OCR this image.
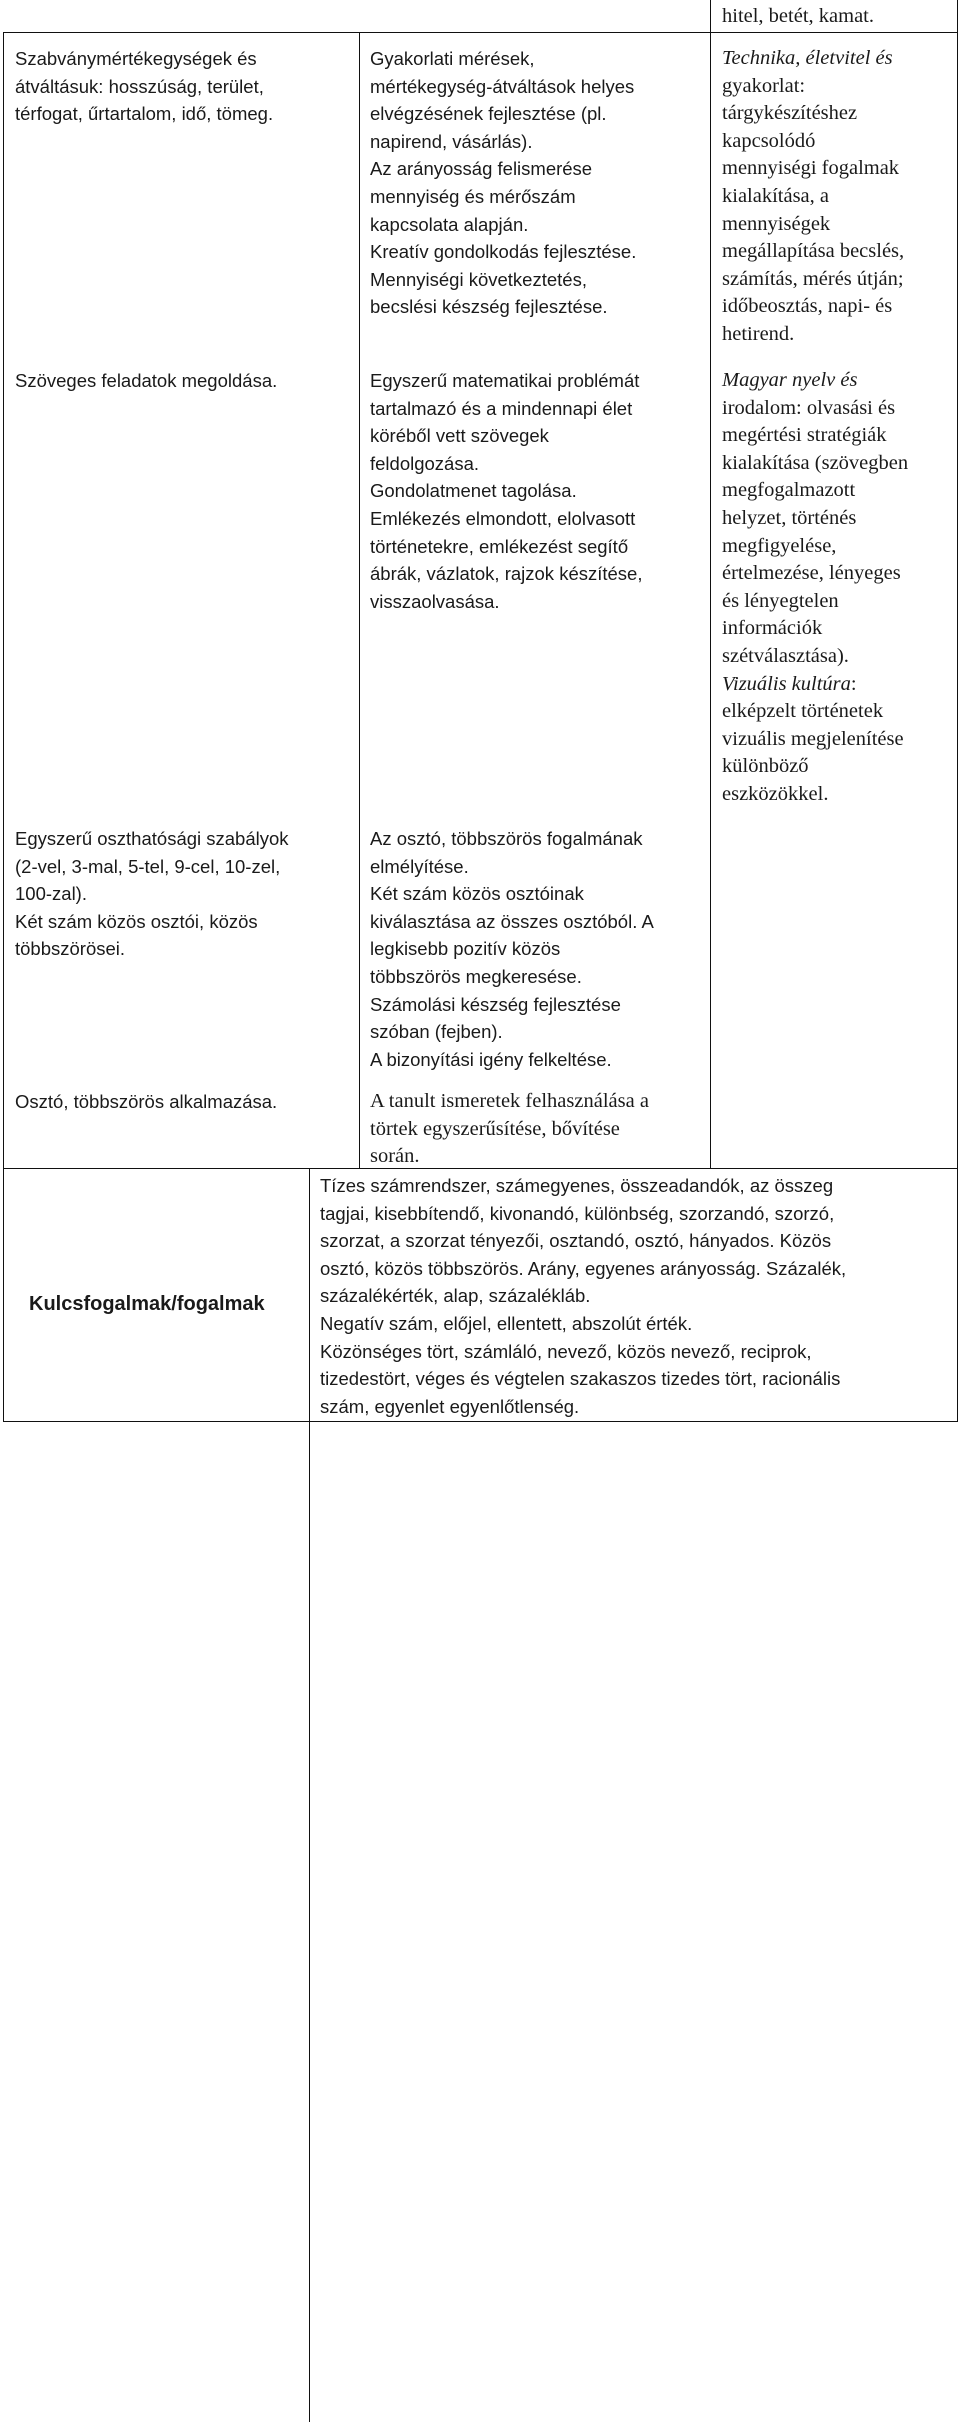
hitel, betét, kamat.

Szabványmértékegységek és
átváltásuk: hosszúság, terület,
térfogat, űrtartalom, idő, tömeg.

Gyakorlati mérések,
mértékegység-átváltások helyes
elvégzésének fejlesztése (pl.
napirend, vásárlás).
Az arányosság felismerése
mennyiség és mérőszám
kapcsolata alapján.
Kreatív gondolkodás fejlesztése.
Mennyiségi következtetés,
becslési készség fejlesztése.

Technika, életvitel és
gyakorlat:
tárgykészítéshez
kapcsolódó
mennyiségi fogalmak
kialakítása, a
mennyiségek
megállapítása becslés,
számítás, mérés útján;
időbeosztás, napi- és
hetirend.

Szöveges feladatok megoldása.	Egyszerű matematikai problémát
tartalmazó és a mindennapi élet
köréből vett szövegek
feldolgozása.
Gondolatmenet tagolása.
Emlékezés elmondott, elolvasott
történetekre, emlékezést segítő
ábrák, vázlatok, rajzok készítése,
visszaolvasása.

Magyar nyelv és
irodalom: olvasási és
megértési stratégiák
kialakítása (szövegben
megfogalmazott
helyzet, történés
megfigyelése,
értelmezése, lényeges
és lényegtelen
információk
szétválasztása).
Vizuális kultúra:
elképzelt történetek
vizuális megjelenítése
különböző
eszközökkel.

Egyszerű oszthatósági szabályok
(2-vel, 3-mal, 5-tel, 9-cel, 10-zel,
100-zal).
Két szám közös osztói, közös
többszörösei.

Az osztó, többszörös fogalmának
elmélyítése.
Két szám közös osztóinak
kiválasztása az összes osztóból. A
legkisebb pozitív közös
többszörös megkeresése.
Számolási készség fejlesztése
szóban (fejben).
A bizonyítási igény felkeltése.

Osztó, többszörös alkalmazása.	A tanult ismeretek felhasználása a
törtek egyszerűsítése, bővítése
során.

Kulcsfogalmak/fogalmak

Tízes számrendszer, számegyenes, összeadandók, az összeg
tagjai, kisebbítendő, kivonandó, különbség, szorzandó, szorzó,
szorzat, a szorzat tényezői, osztandó, osztó, hányados. Közös
osztó, közös többszörös. Arány, egyenes arányosság. Százalék,
százalékérték, alap, százalékláb.
Negatív szám, előjel, ellentett, abszolút érték.
Közönséges tört, számláló, nevező, közös nevező, reciprok,
tizedestört, véges és végtelen szakaszos tizedes tört, racionális
szám, egyenlet egyenlőtlenség.
